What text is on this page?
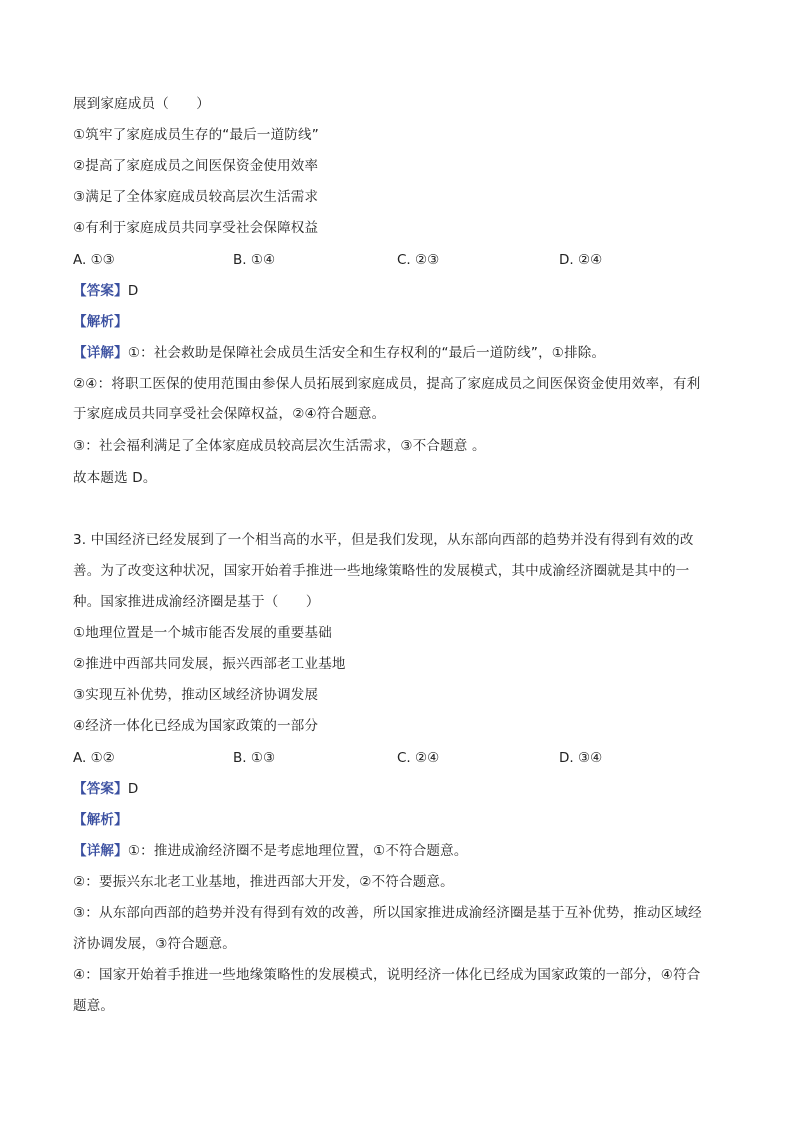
展到家庭成员（　　）
①筑牢了家庭成员生存的“最后一道防线”
②提高了家庭成员之间医保资金使用效率
③满足了全体家庭成员较高层次生活需求
④有利于家庭成员共同享受社会保障权益
A. ①③	B. ①④	C. ②③	D. ②④
【答案】D
【解析】
【详解】①：社会救助是保障社会成员生活安全和生存权利的“最后一道防线”，①排除。
②④：将职工医保的使用范围由参保人员拓展到家庭成员，提高了家庭成员之间医保资金使用效率，有利
于家庭成员共同享受社会保障权益，②④符合题意。
③：社会福利满足了全体家庭成员较高层次生活需求，③不合题意 。
故本题选 D。
3. 中国经济已经发展到了一个相当高的水平，但是我们发现，从东部向西部的趋势并没有得到有效的改
善。为了改变这种状况，国家开始着手推进一些地缘策略性的发展模式，其中成渝经济圈就是其中的一
种。国家推进成渝经济圈是基于（　　）
①地理位置是一个城市能否发展的重要基础
②推进中西部共同发展，振兴西部老工业基地
③实现互补优势，推动区域经济协调发展
④经济一体化已经成为国家政策的一部分
A. ①②	B. ①③	C. ②④	D. ③④
【答案】D
【解析】
【详解】①：推进成渝经济圈不是考虑地理位置，①不符合题意。
②：要振兴东北老工业基地，推进西部大开发，②不符合题意。
③：从东部向西部的趋势并没有得到有效的改善，所以国家推进成渝经济圈是基于互补优势，推动区域经
济协调发展，③符合题意。
④：国家开始着手推进一些地缘策略性的发展模式，说明经济一体化已经成为国家政策的一部分，④符合
题意。
